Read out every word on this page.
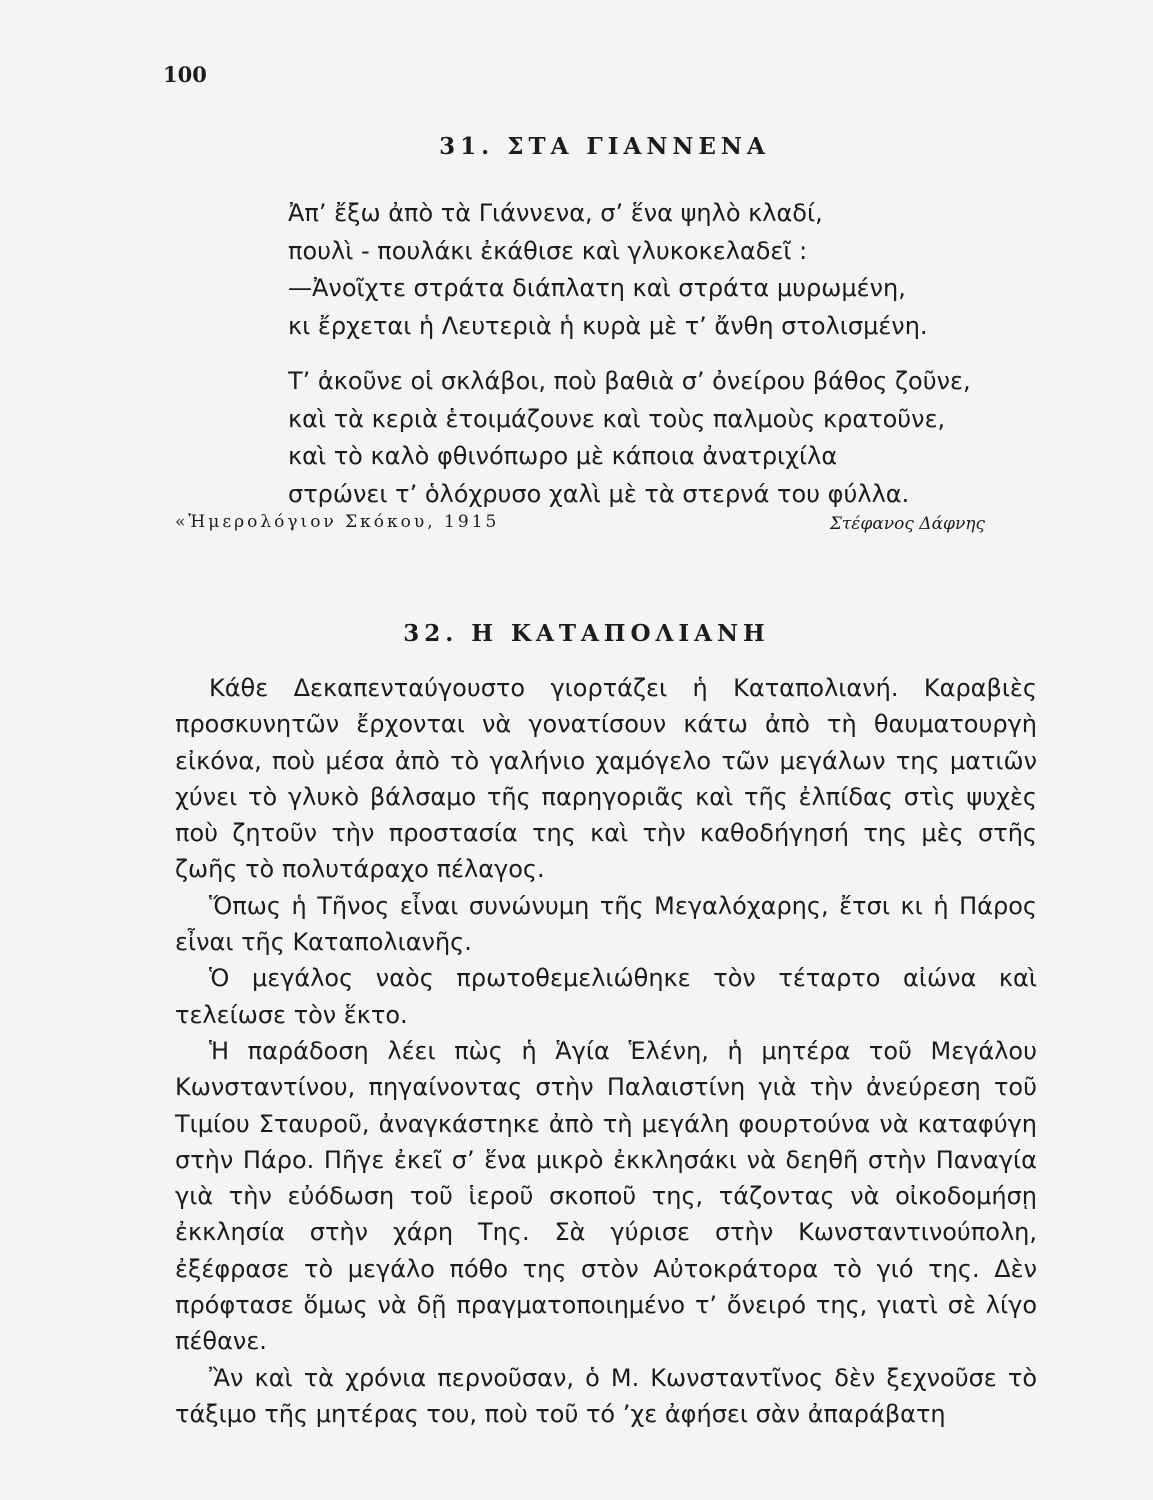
100
31. ΣΤΑ ΓΙΑΝΝΕΝΑ
Ἀπ’ ἔξω ἀπὸ τὰ Γιάννενα, σ’ ἕνα ψηλὸ κλαδί,
πουλὶ - πουλάκι ἐκάθισε καὶ γλυκοκελαδεῖ :
—Ἀνοῖχτε στράτα διάπλατη καὶ στράτα μυρωμένη,
κι ἔρχεται ἡ Λευτεριὰ ἡ κυρὰ μὲ τ’ ἄνθη στολισμένη.
Τ’ ἀκοῦνε οἱ σκλάβοι, ποὺ βαθιὰ σ’ ὀνείρου βάθος ζοῦνε,
καὶ τὰ κεριὰ ἑτοιμάζουνε καὶ τοὺς παλμοὺς κρατοῦνε,
καὶ τὸ καλὸ φθινόπωρο μὲ κάποια ἀνατριχίλα
στρώνει τ’ ὁλόχρυσο χαλὶ μὲ τὰ στερνά του φύλλα.
«Ἡμερολόγιον Σκόκου, 1915	Στέφανος Δάφνης
32. Η ΚΑΤΑΠΟΛΙΑΝΗ

Κάθε Δεκαπενταύγουστο γιορτάζει ἡ Καταπολιανή. Καραβιὲς προσκυνητῶν ἔρχονται νὰ γονατίσουν κάτω ἀπὸ τὴ θαυματουργὴ εἰκόνα, ποὺ μέσα ἀπὸ τὸ γαλήνιο χαμόγελο τῶν μεγάλων της ματιῶν χύνει τὸ γλυκὸ βάλσαμο τῆς παρηγοριᾶς καὶ τῆς ἐλπίδας στὶς ψυχὲς ποὺ ζητοῦν τὴν προστασία της καὶ τὴν καθοδήγησή της μὲς στῆς ζωῆς τὸ πολυτάραχο πέλαγος.

Ὅπως ἡ Τῆνος εἶναι συνώνυμη τῆς Μεγαλόχαρης, ἔτσι κι ἡ Πάρος εἶναι τῆς Καταπολιανῆς.

Ὁ μεγάλος ναὸς πρωτοθεμελιώθηκε τὸν τέταρτο αἰώνα καὶ τελείωσε τὸν ἕκτο.

Ἡ παράδοση λέει πὼς ἡ Ἁγία Ἑλένη, ἡ μητέρα τοῦ Μεγάλου Κωνσταντίνου, πηγαίνοντας στὴν Παλαιστίνη γιὰ τὴν ἀνεύρεση τοῦ Τιμίου Σταυροῦ, ἀναγκάστηκε ἀπὸ τὴ μεγάλη φουρτούνα νὰ καταφύγη στὴν Πάρο. Πῆγε ἐκεῖ σ’ ἕνα μικρὸ ἐκκλησάκι νὰ δεηθῆ στὴν Παναγία γιὰ τὴν εὐόδωση τοῦ ἱεροῦ σκοποῦ της, τάζοντας νὰ οἰκοδομήσῃ ἐκκλησία στὴν χάρη Της. Σὰ γύρισε στὴν Κωνσταντινούπολη, ἐξέφρασε τὸ μεγάλο πόθο της στὸν Αὐτοκράτορα τὸ γιό της. Δὲν πρόφτασε ὅμως νὰ δῇ πραγματοποιημένο τ’ ὄνειρό της, γιατὶ σὲ λίγο πέθανε.

Ἂν καὶ τὰ χρόνια περνοῦσαν, ὁ Μ. Κωνσταντῖνος δὲν ξεχνοῦσε τὸ τάξιμο τῆς μητέρας του, ποὺ τοῦ τό ’χε ἀφήσει σὰν ἀπαράβατη
